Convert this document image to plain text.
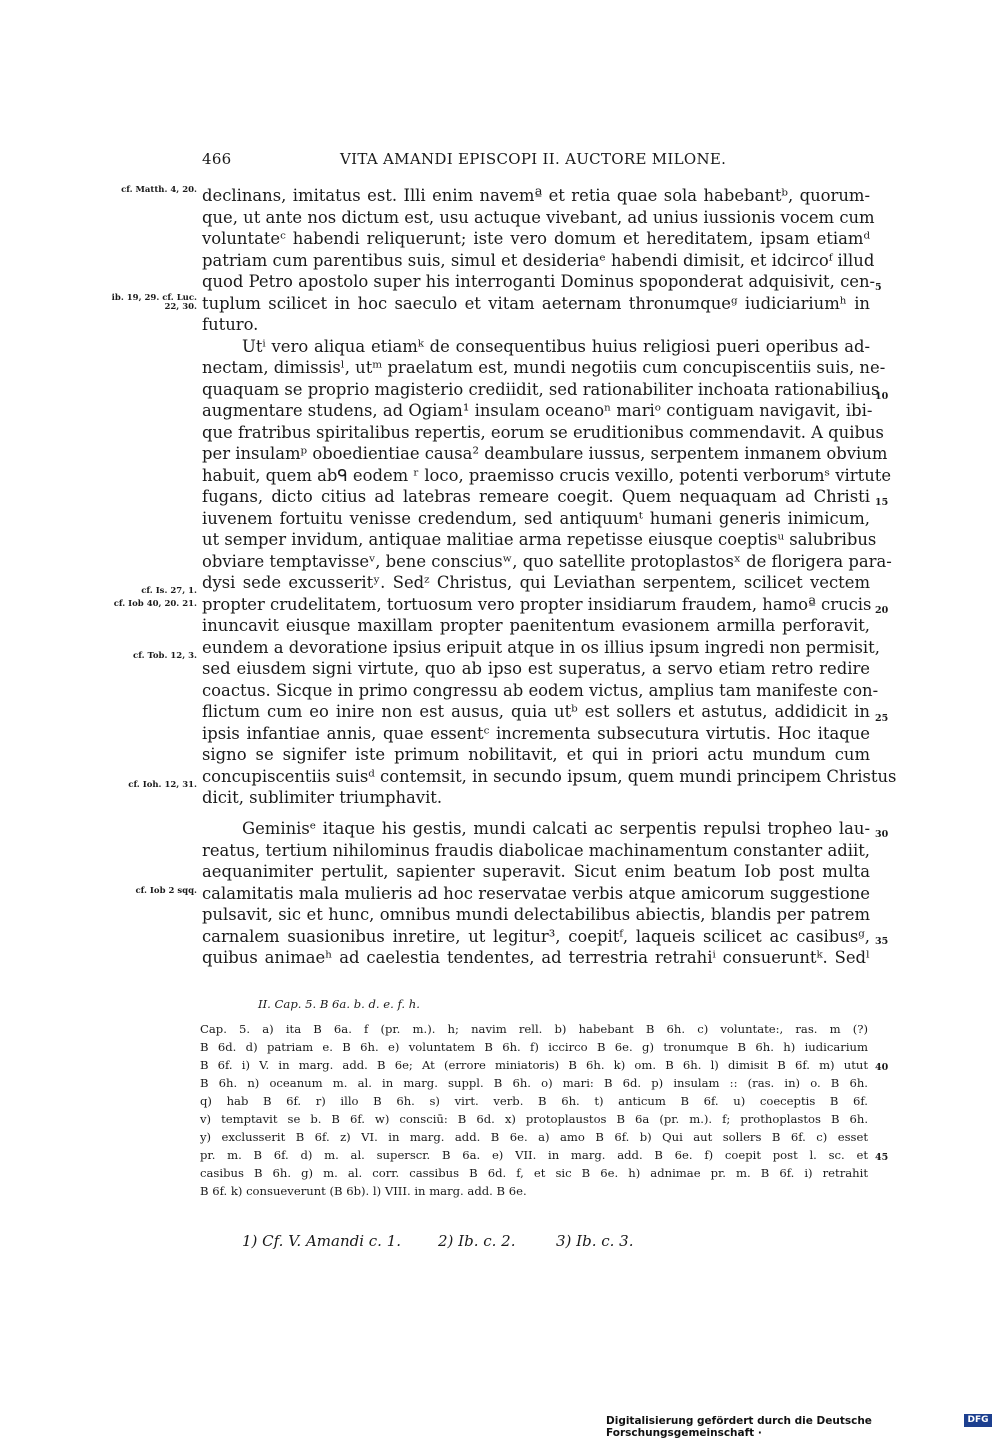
466	VITA AMANDI EPISCOPI II. AUCTORE MILONE.
declinans, imitatus est. Illi enim navemª et retia quae sola habebantᵇ, quorum-
que, ut ante nos dictum est, usu actuque vivebant, ad unius iussionis vocem cum
voluntateᶜ habendi reliquerunt; iste vero domum et hereditatem, ipsam etiamᵈ
patriam cum parentibus suis, simul et desideriaᵉ habendi dimisit, et idcircoᶠ illud
quod Petro apostolo super his interroganti Dominus spoponderat adquisivit, cen-
tuplum scilicet in hoc saeculo et vitam aeternam thronumqueᵍ iudiciariumʰ in
futuro.
Utⁱ vero aliqua etiamᵏ de consequentibus huius religiosi pueri operibus ad-
nectam, dimissisˡ, utᵐ praelatum est, mundi negotiis cum concupiscentiis suis, ne-
quaquam se proprio magisterio crediidit, sed rationabiliter inchoata rationabilius
augmentare studens, ad Ogiam¹ insulam oceanoⁿ mariᵒ contiguam navigavit, ibi-
que fratribus spiritalibus repertis, eorum se eruditionibus commendavit. A quibus
per insulamᵖ oboedientiae causa² deambulare iussus, serpentem inmanem obvium
habuit, quem abᑫ eodem ʳ loco, praemisso crucis vexillo, potenti verborumˢ virtute
fugans, dicto citius ad latebras remeare coegit. Quem nequaquam ad Christi
iuvenem fortuitu venisse credendum, sed antiquumᵗ humani generis inimicum,
ut semper invidum, antiquae malitiae arma repetisse eiusque coeptisᵘ salubribus
obviare temptavisseᵛ, bene consciusʷ, quo satellite protoplastosˣ de florigera para-
dysi sede excusseritʸ. Sedᶻ Christus, qui Leviathan serpentem, scilicet vectem
propter crudelitatem, tortuosum vero propter insidiarum fraudem, hamoª crucis
inuncavit eiusque maxillam propter paenitentum evasionem armilla perforavit,
eundem a devoratione ipsius eripuit atque in os illius ipsum ingredi non permisit,
sed eiusdem signi virtute, quo ab ipso est superatus, a servo etiam retro redire
coactus. Sicque in primo congressu ab eodem victus, amplius tam manifeste con-
flictum cum eo inire non est ausus, quia utᵇ est sollers et astutus, addidicit in
ipsis infantiae annis, quae essentᶜ incrementa subsecutura virtutis. Hoc itaque
signo se signifer iste primum nobilitavit, et qui in priori actu mundum cum
concupiscentiis suisᵈ contemsit, in secundo ipsum, quem mundi principem Christus
dicit, sublimiter triumphavit.
Geminisᵉ itaque his gestis, mundi calcati ac serpentis repulsi tropheo lau-
reatus, tertium nihilominus fraudis diabolicae machinamentum constanter adiit,
aequanimiter pertulit, sapienter superavit. Sicut enim beatum Iob post multa
calamitatis mala mulieris ad hoc reservatae verbis atque amicorum suggestione
pulsavit, sic et hunc, omnibus mundi delectabilibus abiectis, blandis per patrem
carnalem suasionibus inretire, ut legitur³, coepitᶠ, laqueis scilicet ac casibusᵍ,
quibus animaeʰ ad caelestia tendentes, ad terrestria retrahiⁱ consueruntᵏ. Sedˡ
cf. Matth. 4, 20.
ib. 19, 29. cf. Luc. 22, 30.
cf. Is. 27, 1.
cf. Iob 40, 20. 21.
cf. Tob. 12, 3.
cf. Ioh. 12, 31.
cf. Iob 2 sqq.
5
10
15
20
25
30
35
40
45
II. Cap. 5. B 6a. b. d. e. f. h.
Cap. 5. a) ita B 6a. f (pr. m.). h; navim rell. b) habebant B 6h. c) voluntate:, ras. m (?)
B 6d. d) patriam e. B 6h. e) voluntatem B 6h. f) iccirco B 6e. g) tronumque B 6h. h) iudicarium
B 6f. i) V. in marg. add. B 6e; At (errore miniatoris) B 6h. k) om. B 6h. l) dimisit B 6f. m) utut
B 6h. n) oceanum m. al. in marg. suppl. B 6h. o) mari: B 6d. p) insulam :: (ras. in) o. B 6h.
q) hab B 6f. r) illo B 6h. s) virt. verb. B 6h. t) anticum B 6f. u) coeceptis B 6f.
v) temptavit se b. B 6f. w) consciū: B 6d. x) protoplaustos B 6a (pr. m.). f; prothoplastos B 6h.
y) exclusserit B 6f. z) VI. in marg. add. B 6e. a) amo B 6f. b) Qui aut sollers B 6f. c) esset
pr. m. B 6f. d) m. al. superscr. B 6a. e) VII. in marg. add. B 6e. f) coepit post l. sc. et
casibus B 6h. g) m. al. corr. cassibus B 6d. f, et sic B 6e. h) adnimae pr. m. B 6f. i) retrahit
B 6f. k) consueverunt (B 6b). l) VIII. in marg. add. B 6e.
1) Cf. V. Amandi c. 1. 2) Ib. c. 2.	3) Ib. c. 3.
Digitalisierung gefördert durch die Deutsche Forschungsgemeinschaft ·
DFG
